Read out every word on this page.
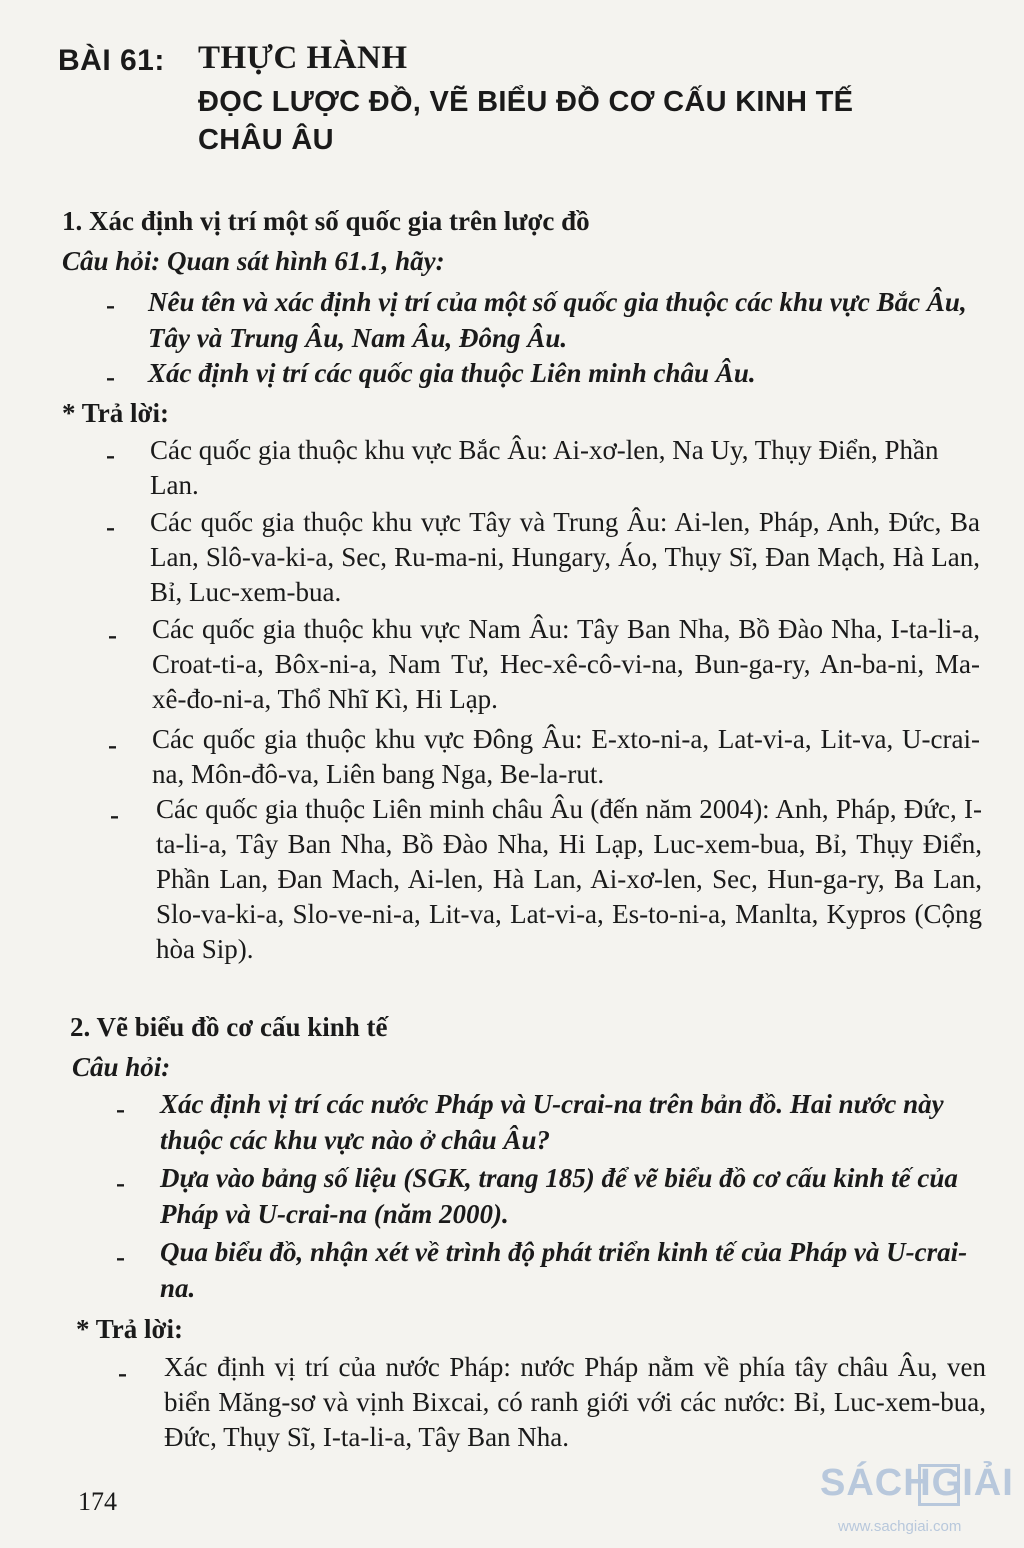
BÀI 61: THỰC HÀNH
ĐỌC LƯỢC ĐỒ, VẼ BIỂU ĐỒ CƠ CẤU KINH TẾ
CHÂU ÂU
1. Xác định vị trí một số quốc gia trên lược đồ
Câu hỏi: Quan sát hình 61.1, hãy:
- Nêu tên và xác định vị trí của một số quốc gia thuộc các khu vực Bắc Âu, Tây và Trung Âu, Nam Âu, Đông Âu.
- Xác định vị trí các quốc gia thuộc Liên minh châu Âu.
* Trả lời:
- Các quốc gia thuộc khu vực Bắc Âu: Ai-xơ-len, Na Uy, Thụy Điển, Phần Lan.
- Các quốc gia thuộc khu vực Tây và Trung Âu: Ai-len, Pháp, Anh, Đức, Ba Lan, Slô-va-ki-a, Sec, Ru-ma-ni, Hungary, Áo, Thụy Sĩ, Đan Mạch, Hà Lan, Bỉ, Luc-xem-bua.
- Các quốc gia thuộc khu vực Nam Âu: Tây Ban Nha, Bồ Đào Nha, I-ta-li-a, Croat-ti-a, Bôx-ni-a, Nam Tư, Hec-xê-cô-vi-na, Bun-ga-ry, An-ba-ni, Ma-xê-đo-ni-a, Thổ Nhĩ Kì, Hi Lạp.
- Các quốc gia thuộc khu vực Đông Âu: E-xto-ni-a, Lat-vi-a, Lit-va, U-crai-na, Môn-đô-va, Liên bang Nga, Be-la-rut.
- Các quốc gia thuộc Liên minh châu Âu (đến năm 2004): Anh, Pháp, Đức, I-ta-li-a, Tây Ban Nha, Bồ Đào Nha, Hi Lạp, Luc-xem-bua, Bỉ, Thụy Điển, Phần Lan, Đan Mach, Ai-len, Hà Lan, Ai-xơ-len, Sec, Hun-ga-ry, Ba Lan, Slo-va-ki-a, Slo-ve-ni-a, Lit-va, Lat-vi-a, Es-to-ni-a, Manlta, Kypros (Cộng hòa Sip).
2. Vẽ biểu đồ cơ cấu kinh tế
Câu hỏi:
- Xác định vị trí các nước Pháp và U-crai-na trên bản đồ. Hai nước này thuộc các khu vực nào ở châu Âu?
- Dựa vào bảng số liệu (SGK, trang 185) để vẽ biểu đồ cơ cấu kinh tế của Pháp và U-crai-na (năm 2000).
- Qua biểu đồ, nhận xét về trình độ phát triển kinh tế của Pháp và U-crai-na.
* Trả lời:
- Xác định vị trí của nước Pháp: nước Pháp nằm về phía tây châu Âu, ven biển Măng-sơ và vịnh Bixcai, có ranh giới với các nước: Bỉ, Luc-xem-bua, Đức, Thụy Sĩ, I-ta-li-a, Tây Ban Nha.
174	SÁCHGIẢI
www.sachgiai.com
